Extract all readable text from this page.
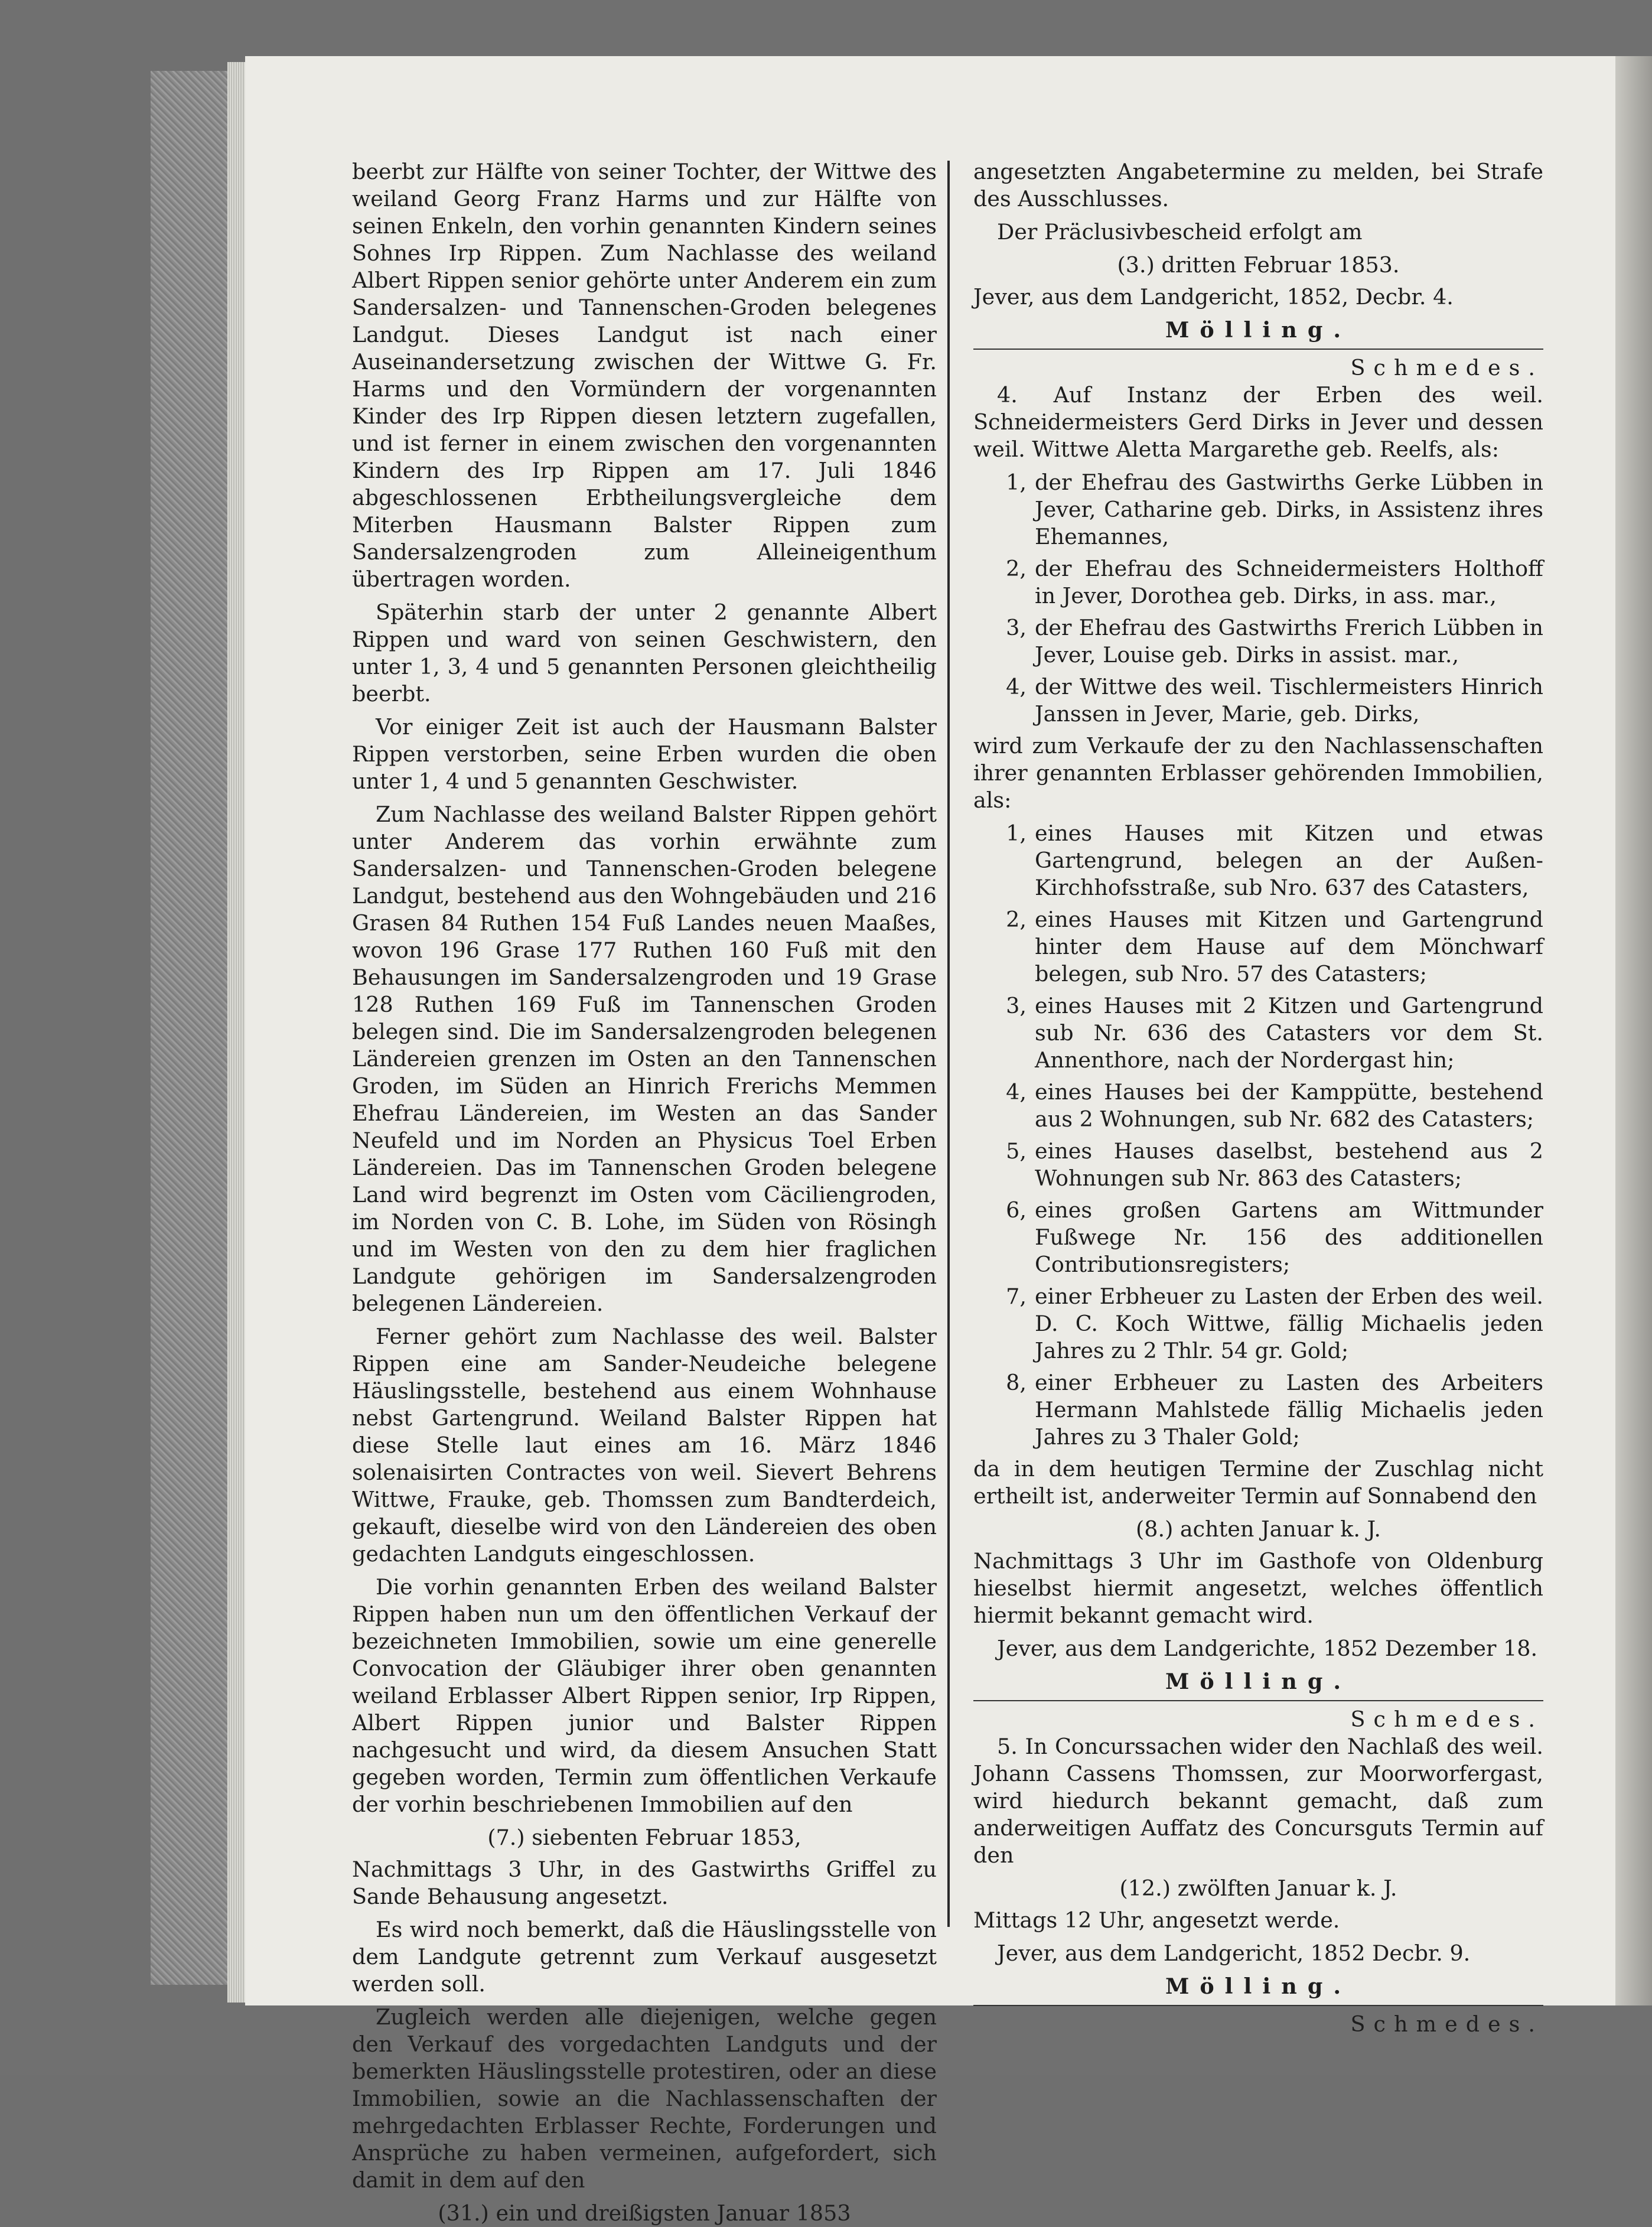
beerbt zur Hälfte von seiner Tochter, der Wittwe des weiland Georg Franz Harms und zur Hälfte von seinen Enkeln, den vorhin genannten Kindern seines Sohnes Irp Rippen. Zum Nachlasse des weiland Albert Rippen senior gehörte unter Anderem ein zum Sandersalzen- und Tannenschen-Groden belegenes Landgut. Dieses Landgut ist nach einer Auseinandersetzung zwischen der Wittwe G. Fr. Harms und den Vormündern der vorgenannten Kinder des Irp Rippen diesen letztern zugefallen, und ist ferner in einem zwischen den vorgenannten Kindern des Irp Rippen am 17. Juli 1846 abgeschlossenen Erbtheilungsvergleiche dem Miterben Hausmann Balster Rippen zum Sandersalzengroden zum Alleineigenthum übertragen worden.

Späterhin starb der unter 2 genannte Albert Rippen und ward von seinen Geschwistern, den unter 1, 3, 4 und 5 genannten Personen gleichtheilig beerbt.

Vor einiger Zeit ist auch der Hausmann Balster Rippen verstorben, seine Erben wurden die oben unter 1, 4 und 5 genannten Geschwister.

Zum Nachlasse des weiland Balster Rippen gehört unter Anderem das vorhin erwähnte zum Sandersalzen- und Tannenschen-Groden belegene Landgut, bestehend aus den Wohngebäuden und 216 Grasen 84 Ruthen 154 Fuß Landes neuen Maaßes, wovon 196 Grase 177 Ruthen 160 Fuß mit den Behausungen im Sandersalzengroden und 19 Grase 128 Ruthen 169 Fuß im Tannenschen Groden belegen sind. Die im Sandersalzengroden belegenen Ländereien grenzen im Osten an den Tannenschen Groden, im Süden an Hinrich Frerichs Memmen Ehefrau Ländereien, im Westen an das Sander Neufeld und im Norden an Physicus Toel Erben Ländereien. Das im Tannenschen Groden belegene Land wird begrenzt im Osten vom Cäciliengroden, im Norden von C. B. Lohe, im Süden von Rösingh und im Westen von den zu dem hier fraglichen Landgute gehörigen im Sandersalzengroden belegenen Ländereien.

Ferner gehört zum Nachlasse des weil. Balster Rippen eine am Sander-Neudeiche belegene Häuslingsstelle, bestehend aus einem Wohnhause nebst Gartengrund. Weiland Balster Rippen hat diese Stelle laut eines am 16. März 1846 solenaisirten Contractes von weil. Sievert Behrens Wittwe, Frauke, geb. Thomssen zum Bandterdeich, gekauft, dieselbe wird von den Ländereien des oben gedachten Landguts eingeschlossen.

Die vorhin genannten Erben des weiland Balster Rippen haben nun um den öffentlichen Verkauf der bezeichneten Immobilien, sowie um eine generelle Convocation der Gläubiger ihrer oben genannten weiland Erblasser Albert Rippen senior, Irp Rippen, Albert Rippen junior und Balster Rippen nachgesucht und wird, da diesem Ansuchen Statt gegeben worden, Termin zum öffentlichen Verkaufe der vorhin beschriebenen Immobilien auf den

(7.) siebenten Februar 1853,

Nachmittags 3 Uhr, in des Gastwirths Griffel zu Sande Behausung angesetzt.

Es wird noch bemerkt, daß die Häuslingsstelle von dem Landgute getrennt zum Verkauf ausgesetzt werden soll.

Zugleich werden alle diejenigen, welche gegen den Verkauf des vorgedachten Landguts und der bemerkten Häuslingsstelle protestiren, oder an diese Immobilien, sowie an die Nachlassenschaften der mehrgedachten Erblasser Rechte, Forderungen und Ansprüche zu haben vermeinen, aufgefordert, sich damit in dem auf den

(31.) ein und dreißigsten Januar 1853

angesetzten Angabetermine zu melden, bei Strafe des Ausschlusses.

Der Präclusivbescheid erfolgt am

(3.) dritten Februar 1853.

Jever, aus dem Landgericht, 1852, Decbr. 4.

Mölling.
Schmedes.

4. Auf Instanz der Erben des weil. Schneidermeisters Gerd Dirks in Jever und dessen weil. Wittwe Aletta Margarethe geb. Reelfs, als:

1, der Ehefrau des Gastwirths Gerke Lübben in Jever, Catharine geb. Dirks, in Assistenz ihres Ehemannes,
2, der Ehefrau des Schneidermeisters Holthoff in Jever, Dorothea geb. Dirks, in ass. mar.,
3, der Ehefrau des Gastwirths Frerich Lübben in Jever, Louise geb. Dirks in assist. mar.,
4, der Wittwe des weil. Tischlermeisters Hinrich Janssen in Jever, Marie, geb. Dirks,

wird zum Verkaufe der zu den Nachlassenschaften ihrer genannten Erblasser gehörenden Immobilien, als:

1, eines Hauses mit Kitzen und etwas Gartengrund, belegen an der Außen-Kirchhofsstraße, sub Nro. 637 des Catasters,
2, eines Hauses mit Kitzen und Gartengrund hinter dem Hause auf dem Mönchwarf belegen, sub Nro. 57 des Catasters;
3, eines Hauses mit 2 Kitzen und Gartengrund sub Nr. 636 des Catasters vor dem St. Annenthore, nach der Nordergast hin;
4, eines Hauses bei der Kamppütte, bestehend aus 2 Wohnungen, sub Nr. 682 des Catasters;
5, eines Hauses daselbst, bestehend aus 2 Wohnungen sub Nr. 863 des Catasters;
6, eines großen Gartens am Wittmunder Fußwege Nr. 156 des additionellen Contributionsregisters;
7, einer Erbheuer zu Lasten der Erben des weil. D. C. Koch Wittwe, fällig Michaelis jeden Jahres zu 2 Thlr. 54 gr. Gold;
8, einer Erbheuer zu Lasten des Arbeiters Hermann Mahlstede fällig Michaelis jeden Jahres zu 3 Thaler Gold;

da in dem heutigen Termine der Zuschlag nicht ertheilt ist, anderweiter Termin auf Sonnabend den

(8.) achten Januar k. J.

Nachmittags 3 Uhr im Gasthofe von Oldenburg hieselbst hiermit angesetzt, welches öffentlich hiermit bekannt gemacht wird.

Jever, aus dem Landgerichte, 1852 Dezember 18.

Mölling.
Schmedes.

5. In Concurssachen wider den Nachlaß des weil. Johann Cassens Thomssen, zur Moorworfergast, wird hiedurch bekannt gemacht, daß zum anderweitigen Auffatz des Concursguts Termin auf den

(12.) zwölften Januar k. J.

Mittags 12 Uhr, angesetzt werde.

Jever, aus dem Landgericht, 1852 Decbr. 9.

Mölling.
Schmedes.
